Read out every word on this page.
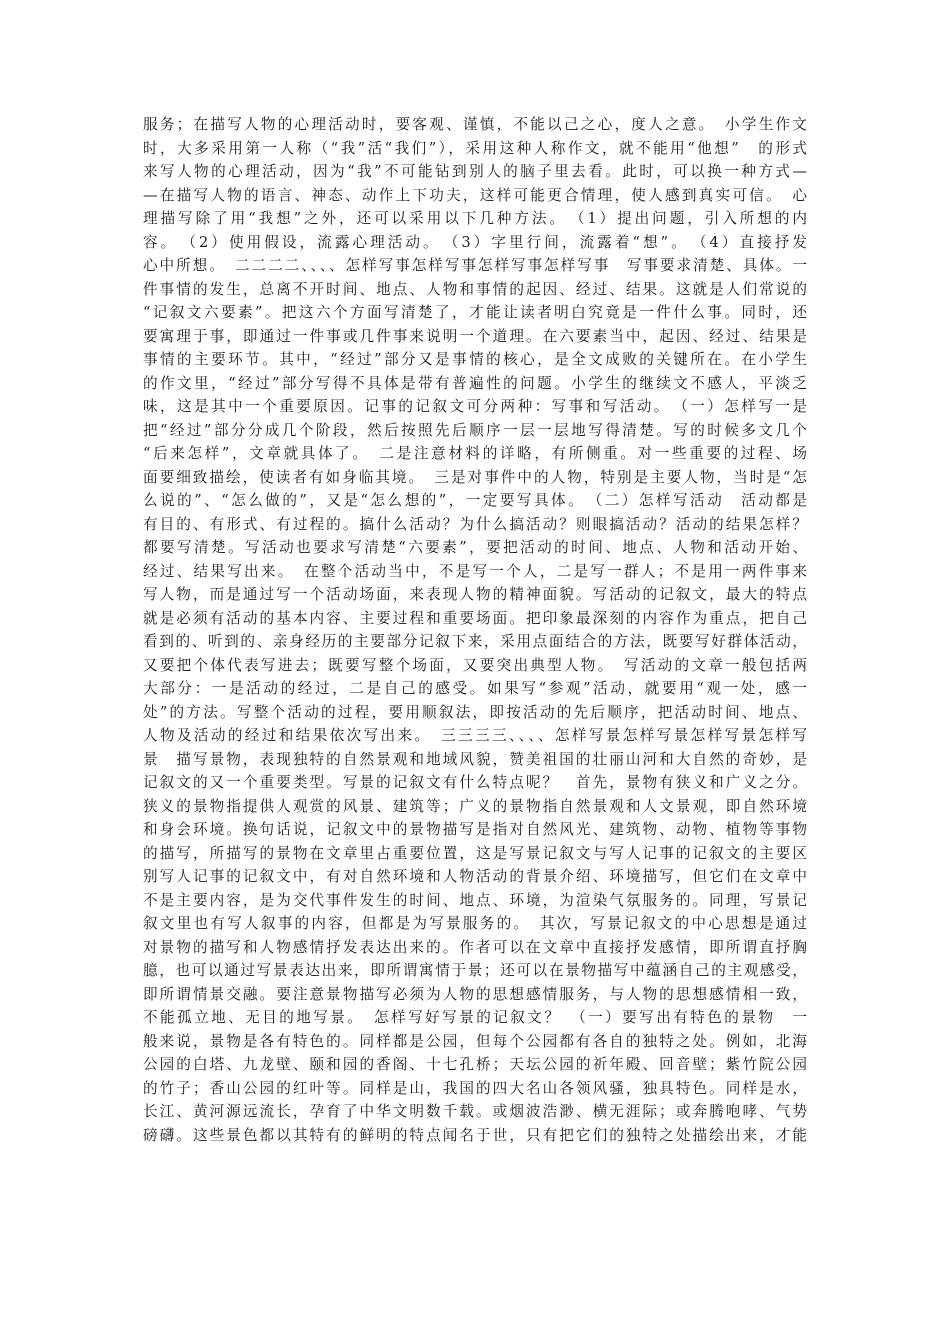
服务；在描写人物的心理活动时，要客观、谨慎，不能以己之心，度人之意。　小学生作文
时，大多采用第一人称（“我”活“我们”），采用这种人称作文，就不能用“他想”　的形式
来写人物的心理活动，因为“我”不可能钻到别人的脑子里去看。此时，可以换一种方式—
—在描写人物的语言、神态、动作上下功夫，这样可能更合情理，使人感到真实可信。　心
理描写除了用“我想”之外，还可以采用以下几种方法。　（1）提出问题，引入所想的内
容。　（2）使用假设，流露心理活动。　（3）字里行间，流露着“想”。　（4）直接抒发
心中所想。　二二二二、、、、怎样写事怎样写事怎样写事怎样写事　写事要求清楚、具体。一
件事情的发生，总离不开时间、地点、人物和事情的起因、经过、结果。这就是人们常说的
“记叙文六要素”。把这六个方面写清楚了，才能让读者明白究竟是一件什么事。同时，还
要寓理于事，即通过一件事或几件事来说明一个道理。在六要素当中，起因、经过、结果是
事情的主要环节。其中，“经过”部分又是事情的核心，是全文成败的关键所在。在小学生
的作文里，“经过”部分写得不具体是带有普遍性的问题。小学生的继续文不感人，平淡乏
味，这是其中一个重要原因。记事的记叙文可分两种：写事和写活动。　（一）怎样写一是
把“经过”部分分成几个阶段，然后按照先后顺序一层一层地写得清楚。写的时候多文几个
“后来怎样”，文章就具体了。　二是注意材料的详略，有所侧重。对一些重要的过程、场
面要细致描绘，使读者有如身临其境。　三是对事件中的人物，特别是主要人物，当时是“怎
么说的”、“怎么做的”，又是“怎么想的”，一定要写具体。　（二）怎样写活动　活动都是
有目的、有形式、有过程的。搞什么活动？为什么搞活动？则眼搞活动？活动的结果怎样？
都要写清楚。写活动也要求写清楚“六要素”，要把活动的时间、地点、人物和活动开始、
经过、结果写出来。　在整个活动当中，不是写一个人，二是写一群人；不是用一两件事来
写人物，而是通过写一个活动场面，来表现人物的精神面貌。写活动的记叙文，最大的特点
就是必须有活动的基本内容、主要过程和重要场面。把印象最深刻的内容作为重点，把自己
看到的、听到的、亲身经历的主要部分记叙下来，采用点面结合的方法，既要写好群体活动，
又要把个体代表写进去；既要写整个场面，又要突出典型人物。　写活动的文章一般包括两
大部分：一是活动的经过，二是自己的感受。如果写“参观”活动，就要用“观一处，感一
处”的方法。写整个活动的过程，要用顺叙法，即按活动的先后顺序，把活动时间、地点、
人物及活动的经过和结果依次写出来。　三三三三、、、、怎样写景怎样写景怎样写景怎样写
景　描写景物，表现独特的自然景观和地域风貌，赞美祖国的壮丽山河和大自然的奇妙，是
记叙文的又一个重要类型。写景的记叙文有什么特点呢？　首先，景物有狭义和广义之分。
狭义的景物指提供人观赏的风景、建筑等；广义的景物指自然景观和人文景观，即自然环境
和身会环境。换句话说，记叙文中的景物描写是指对自然风光、建筑物、动物、植物等事物
的描写，所描写的景物在文章里占重要位置，这是写景记叙文与写人记事的记叙文的主要区
别写人记事的记叙文中，有对自然环境和人物活动的背景介绍、环境描写，但它们在文章中
不是主要内容，是为交代事件发生的时间、地点、环境，为渲染气氛服务的。同理，写景记
叙文里也有写人叙事的内容，但都是为写景服务的。　其次，写景记叙文的中心思想是通过
对景物的描写和人物感情抒发表达出来的。作者可以在文章中直接抒发感情，即所谓直抒胸
臆，也可以通过写景表达出来，即所谓寓情于景；还可以在景物描写中蕴涵自己的主观感受，
即所谓情景交融。要注意景物描写必须为人物的思想感情服务，与人物的思想感情相一致，
不能孤立地、无目的地写景。　怎样写好写景的记叙文？　（一）要写出有特色的景物　一
般来说，景物是各有特色的。同样都是公园，但每个公园都有各自的独特之处。例如，北海
公园的白塔、九龙壁、颐和园的香阁、十七孔桥；天坛公园的祈年殿、回音壁；紫竹院公园
的竹子；香山公园的红叶等。同样是山，我国的四大名山各领风骚，独具特色。同样是水，
长江、黄河源远流长，孕育了中华文明数千载。或烟波浩渺、横无涯际；或奔腾咆哮、气势
磅礴。这些景色都以其特有的鲜明的特点闻名于世，只有把它们的独特之处描绘出来，才能
